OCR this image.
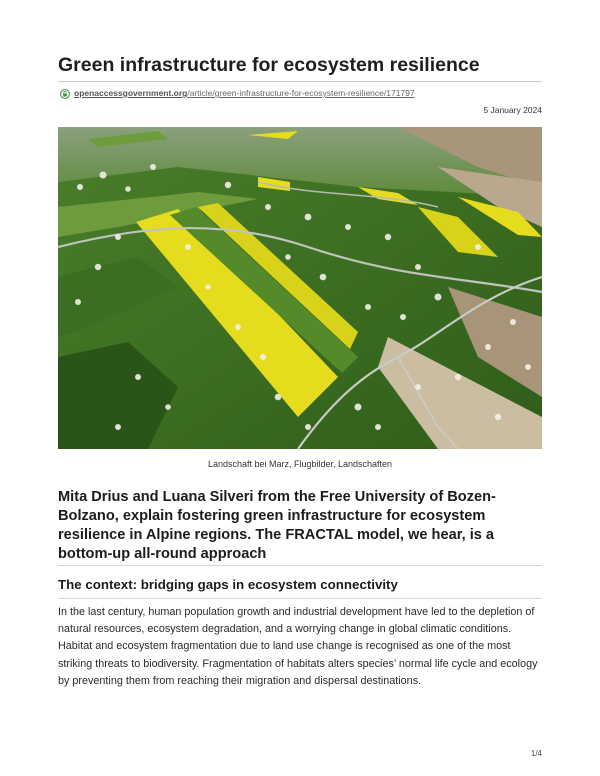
Green infrastructure for ecosystem resilience
openaccessgovernment.org/article/green-infrastructure-for-ecosystem-resilience/171797
5 January 2024
Landschaft bei Marz, Flugbilder, Landschaften

Mita Drius and Luana Silveri from the Free University of Bozen-Bolzano, explain fostering green infrastructure for ecosystem resilience in Alpine regions. The FRACTAL model, we hear, is a bottom-up all-round approach

The context: bridging gaps in ecosystem connectivity

In the last century, human population growth and industrial development have led to the depletion of natural resources, ecosystem degradation, and a worrying change in global climatic conditions. Habitat and ecosystem fragmentation due to land use change is recognised as one of the most striking threats to biodiversity. Fragmentation of habitats alters species’ normal life cycle and ecology by preventing them from reaching their migration and dispersal destinations.

1/4
